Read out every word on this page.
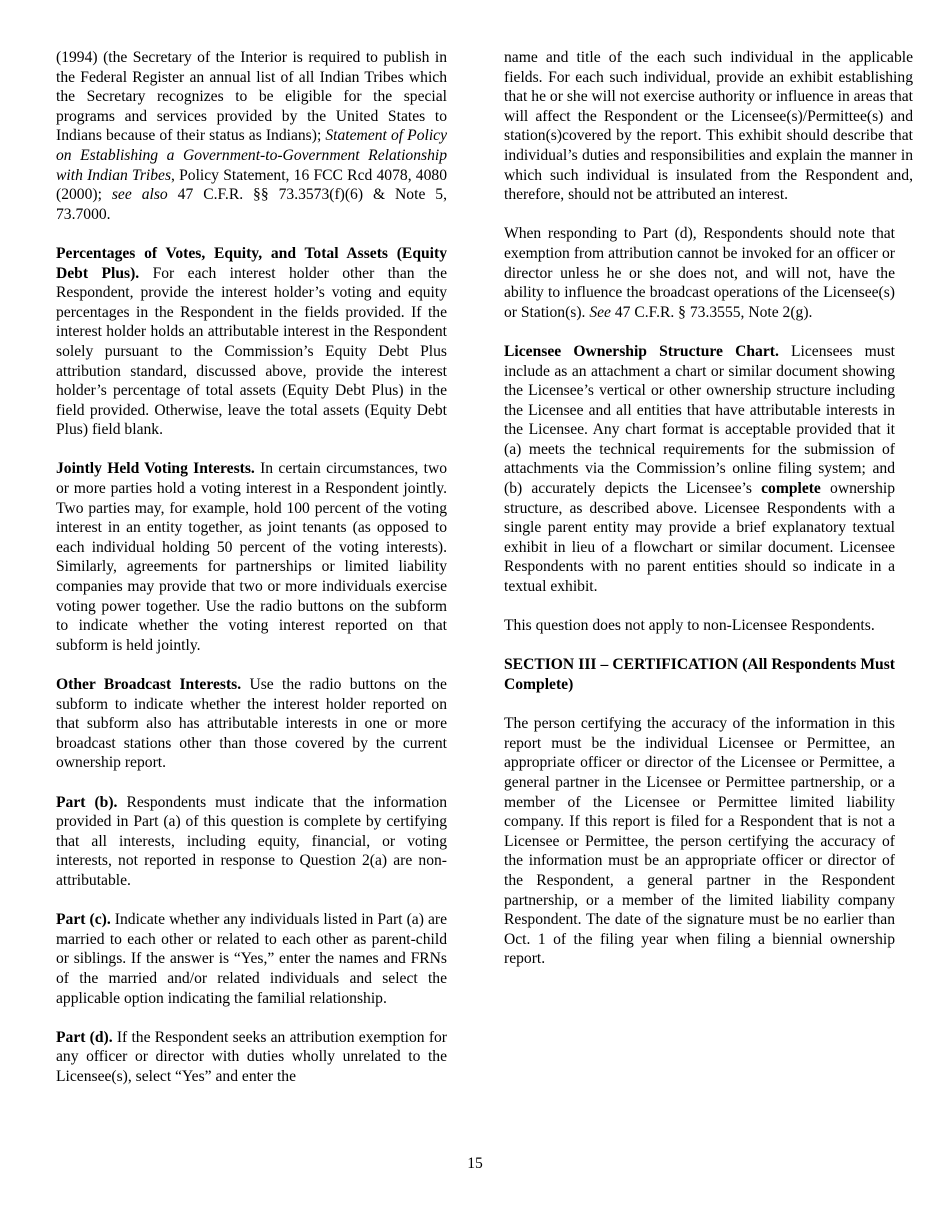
(1994) (the Secretary of the Interior is required to publish in the Federal Register an annual list of all Indian Tribes which the Secretary recognizes to be eligible for the special programs and services provided by the United States to Indians because of their status as Indians); Statement of Policy on Establishing a Government-to-Government Relationship with Indian Tribes, Policy Statement, 16 FCC Rcd 4078, 4080 (2000); see also 47 C.F.R. §§ 73.3573(f)(6) & Note 5, 73.7000.

Percentages of Votes, Equity, and Total Assets (Equity Debt Plus). For each interest holder other than the Respondent, provide the interest holder’s voting and equity percentages in the Respondent in the fields provided. If the interest holder holds an attributable interest in the Respondent solely pursuant to the Commission’s Equity Debt Plus attribution standard, discussed above, provide the interest holder’s percentage of total assets (Equity Debt Plus) in the field provided. Otherwise, leave the total assets (Equity Debt Plus) field blank.

Jointly Held Voting Interests. In certain circumstances, two or more parties hold a voting interest in a Respondent jointly. Two parties may, for example, hold 100 percent of the voting interest in an entity together, as joint tenants (as opposed to each individual holding 50 percent of the voting interests). Similarly, agreements for partnerships or limited liability companies may provide that two or more individuals exercise voting power together. Use the radio buttons on the subform to indicate whether the voting interest reported on that subform is held jointly.

Other Broadcast Interests. Use the radio buttons on the subform to indicate whether the interest holder reported on that subform also has attributable interests in one or more broadcast stations other than those covered by the current ownership report.

Part (b). Respondents must indicate that the information provided in Part (a) of this question is complete by certifying that all interests, including equity, financial, or voting interests, not reported in response to Question 2(a) are non-attributable.

Part (c). Indicate whether any individuals listed in Part (a) are married to each other or related to each other as parent-child or siblings. If the answer is “Yes,” enter the names and FRNs of the married and/or related individuals and select the applicable option indicating the familial relationship.

Part (d). If the Respondent seeks an attribution exemption for any officer or director with duties wholly unrelated to the Licensee(s), select “Yes” and enter the

name and title of the each such individual in the applicable fields. For each such individual, provide an exhibit establishing that he or she will not exercise authority or influence in areas that will affect the Respondent or the Licensee(s)/Permittee(s) and station(s)covered by the report. This exhibit should describe that individual’s duties and responsibilities and explain the manner in which such individual is insulated from the Respondent and, therefore, should not be attributed an interest.

When responding to Part (d), Respondents should note that exemption from attribution cannot be invoked for an officer or director unless he or she does not, and will not, have the ability to influence the broadcast operations of the Licensee(s) or Station(s). See 47 C.F.R. § 73.3555, Note 2(g).

Licensee Ownership Structure Chart. Licensees must include as an attachment a chart or similar document showing the Licensee’s vertical or other ownership structure including the Licensee and all entities that have attributable interests in the Licensee. Any chart format is acceptable provided that it (a) meets the technical requirements for the submission of attachments via the Commission’s online filing system; and (b) accurately depicts the Licensee’s complete ownership structure, as described above. Licensee Respondents with a single parent entity may provide a brief explanatory textual exhibit in lieu of a flowchart or similar document. Licensee Respondents with no parent entities should so indicate in a textual exhibit.

This question does not apply to non-Licensee Respondents.

SECTION III – CERTIFICATION (All Respondents Must Complete)

The person certifying the accuracy of the information in this report must be the individual Licensee or Permittee, an appropriate officer or director of the Licensee or Permittee, a general partner in the Licensee or Permittee partnership, or a member of the Licensee or Permittee limited liability company. If this report is filed for a Respondent that is not a Licensee or Permittee, the person certifying the accuracy of the information must be an appropriate officer or director of the Respondent, a general partner in the Respondent partnership, or a member of the limited liability company Respondent. The date of the signature must be no earlier than Oct. 1 of the filing year when filing a biennial ownership report.

15
